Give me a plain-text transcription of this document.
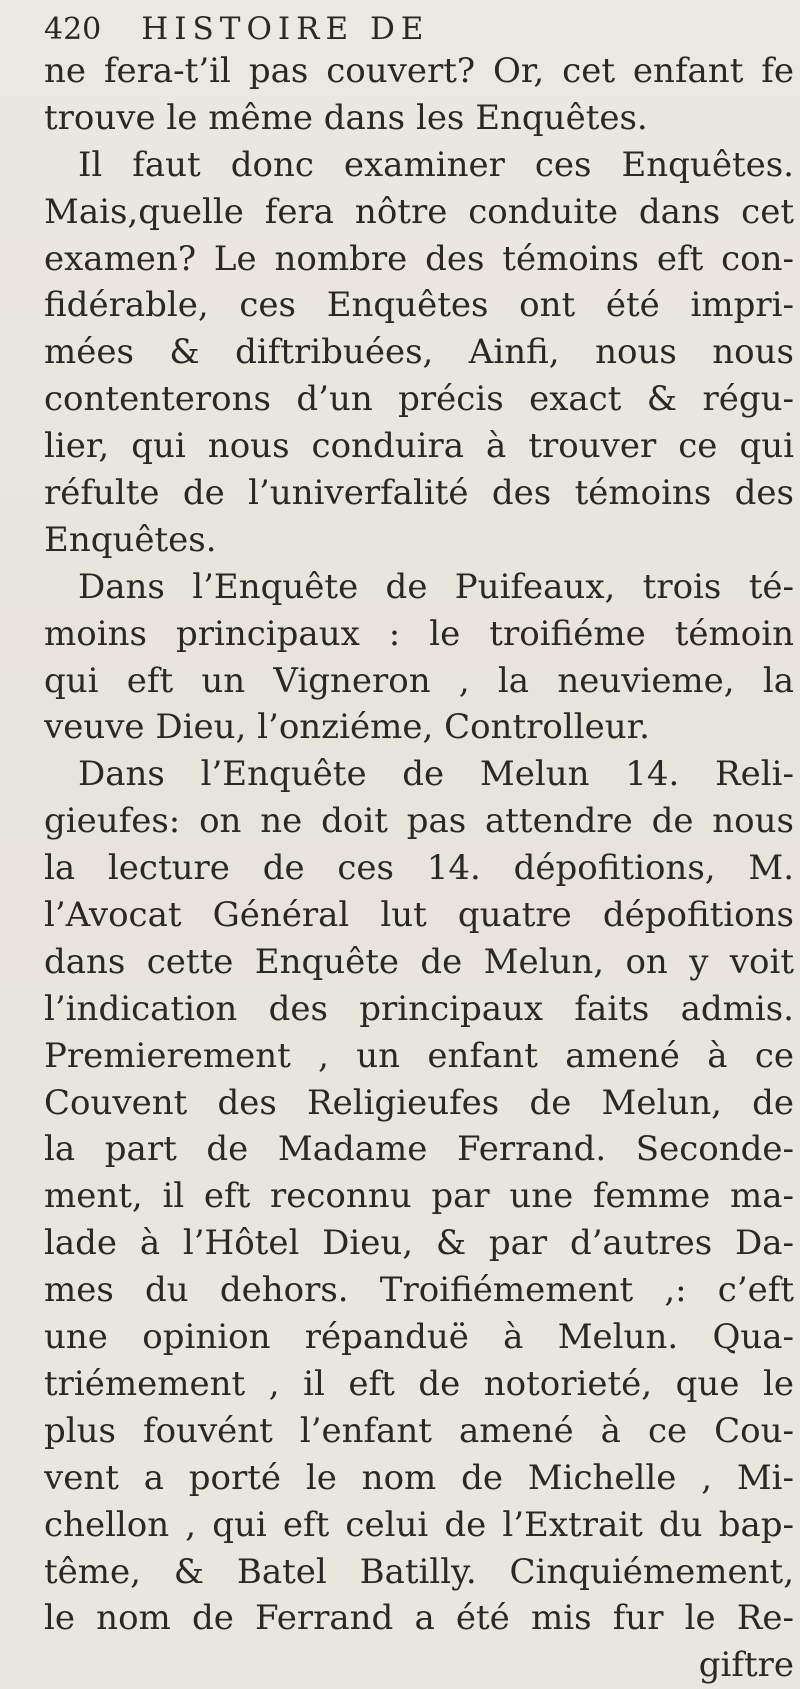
420 HISTOIRE DE
ne fera-t’il pas couvert? Or, cet enfant fe
trouve le même dans les Enquêtes.
Il faut donc examiner ces Enquêtes.
Mais,quelle fera nôtre conduite dans cet
examen? Le nombre des témoins eft con-
fidérable, ces Enquêtes ont été impri-
mées & diftribuées, Ainfi, nous nous
contenterons d’un précis exact & régu-
lier, qui nous conduira à trouver ce qui
réfulte de l’univerfalité des témoins des
Enquêtes.
Dans l’Enquête de Puifeaux, trois té-
moins principaux : le troifiéme témoin
qui eft un Vigneron , la neuvieme, la
veuve Dieu, l’onziéme, Controlleur.
Dans l’Enquête de Melun 14. Reli-
gieufes: on ne doit pas attendre de nous
la lecture de ces 14. dépofitions, M.
l’Avocat Général lut quatre dépofitions
dans cette Enquête de Melun, on y voit
l’indication des principaux faits admis.
Premierement , un enfant amené à ce
Couvent des Religieufes de Melun, de
la part de Madame Ferrand. Seconde-
ment, il eft reconnu par une femme ma-
lade à l’Hôtel Dieu, & par d’autres Da-
mes du dehors. Troifiémement ,: c’eft
une opinion répanduë à Melun. Qua-
triémement , il eft de notorieté, que le
plus fouvént l’enfant amené à ce Cou-
vent a porté le nom de Michelle , Mi-
chellon , qui eft celui de l’Extrait du bap-
tême, & Batel Batilly. Cinquiémement,
le nom de Ferrand a été mis fur le Re-
giftre
